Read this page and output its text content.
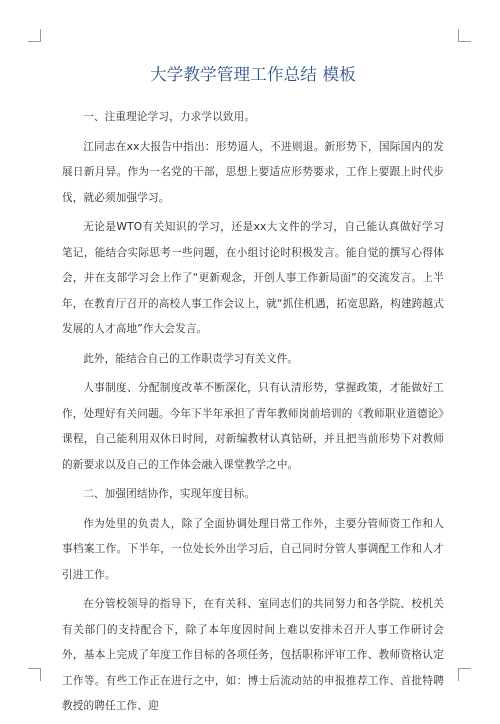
大学教学管理工作总结 模板

一、注重理论学习，力求学以致用。

江同志在xx大报告中指出：形势逼人，不进则退。新形势下，国际国内的发展日新月异。作为一名党的干部，思想上要适应形势要求，工作上要跟上时代步伐，就必须加强学习。

无论是WTO有关知识的学习，还是xx大文件的学习，自己能认真做好学习笔记，能结合实际思考一些问题，在小组讨论时积极发言。能自觉的撰写心得体会，并在支部学习会上作了“更新观念，开创人事工作新局面”的交流发言。上半年，在教育厅召开的高校人事工作会议上，就“抓住机遇，拓宽思路，构建跨越式发展的人才高地”作大会发言。

此外，能结合自己的工作职责学习有关文件。

人事制度、分配制度改革不断深化，只有认清形势，掌握政策，才能做好工作，处理好有关问题。今年下半年承担了青年教师岗前培训的《教师职业道德论》课程，自己能利用双休日时间，对新编教材认真钻研，并且把当前形势下对教师的新要求以及自己的工作体会融入课堂教学之中。

二、加强团结协作，实现年度目标。

作为处里的负责人，除了全面协调处理日常工作外，主要分管师资工作和人事档案工作。下半年，一位处长外出学习后，自己同时分管人事调配工作和人才引进工作。

在分管校领导的指导下，在有关科、室同志们的共同努力和各学院、校机关有关部门的支持配合下，除了本年度因时间上难以安排未召开人事工作研讨会外，基本上完成了年度工作目标的各项任务，包括职称评审工作、教师资格认定工作等。有些工作正在进行之中，如：博士后流动站的申报推荐工作、首批特聘教授的聘任工作、迎
